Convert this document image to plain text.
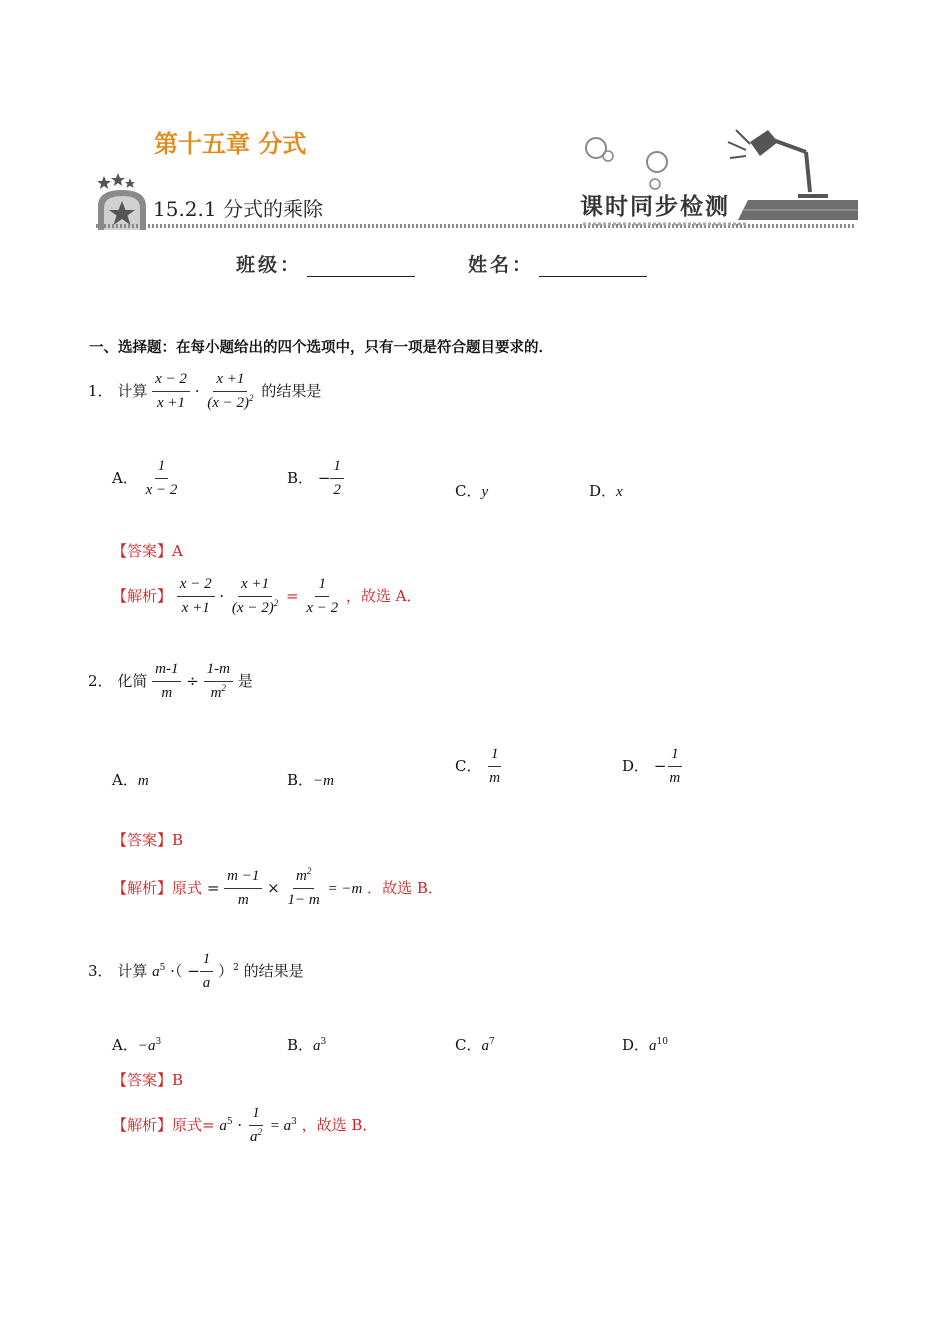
第十五章 分式
15.2.1 分式的乘除	课时同步检测
班级：	姓名：
一、选择题：在每小题给出的四个选项中，只有一项是符合题目要求的．
1． 计算 $\frac{x - 2}{x +1} \cdot \frac{x +1}{(x - 2)^2}$ 的结果是
A． $\frac{1}{x - 2}$	B． − $\frac{1}{2}$	C．y	D．x
【答案】A
【解析】 $\frac{x - 2}{x +1} \cdot \frac{x +1}{(x - 2)^2} = \frac{1}{x - 2}$ ，故选 A．
2． 化简 $\frac{m-1}{m} \div \frac{1-m}{m^2}$ 是
A．m	B．−m
C． $\frac{1}{m}$	D． − $\frac{1}{m}$
【答案】B
【解析】原式 = $\frac{m -1}{m} \times \frac{m^2}{1- m} = -m$ ．故选 B．
3． 计算 $a^5$ ·（ − $\frac{1}{a} )^2$ 的结果是
A．$-a^3$	B．$a^3$	C．$a^7$	D．$a^{10}$
【答案】B
【解析】原式= $a^5 \cdot \frac{1}{a^2} = a^3$ ，故选 B．
